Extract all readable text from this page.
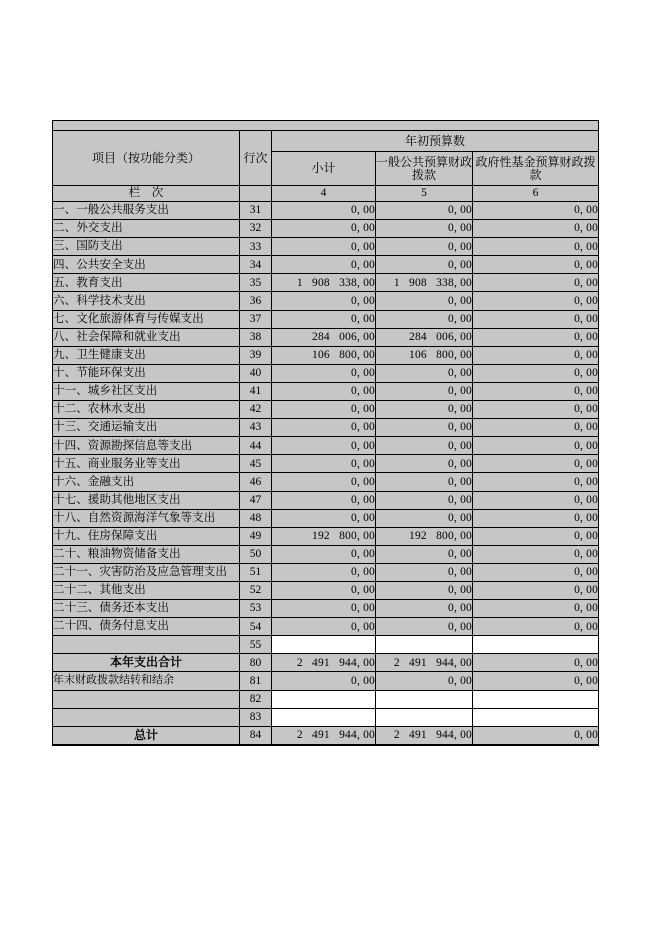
项目（按功能分类）	行次	年初预算数		
		小计	一般公共预算财政拨款	政府性基金预算财政拨款
栏　次		4	5	6
一、一般公共服务支出	31	0, 00	0, 00	0, 00
二、外交支出	32	0, 00	0, 00	0, 00
三、国防支出	33	0, 00	0, 00	0, 00
四、公共安全支出	34	0, 00	0, 00	0, 00
五、教育支出	35	1   908   338, 00	1   908   338, 00	0, 00
六、科学技术支出	36	0, 00	0, 00	0, 00
七、文化旅游体育与传媒支出	37	0, 00	0, 00	0, 00
八、社会保障和就业支出	38	284   006, 00	284   006, 00	0, 00
九、卫生健康支出	39	106   800, 00	106   800, 00	0, 00
十、节能环保支出	40	0, 00	0, 00	0, 00
十一、城乡社区支出	41	0, 00	0, 00	0, 00
十二、农林水支出	42	0, 00	0, 00	0, 00
十三、交通运输支出	43	0, 00	0, 00	0, 00
十四、资源勘探信息等支出	44	0, 00	0, 00	0, 00
十五、商业服务业等支出	45	0, 00	0, 00	0, 00
十六、金融支出	46	0, 00	0, 00	0, 00
十七、援助其他地区支出	47	0, 00	0, 00	0, 00
十八、自然资源海洋气象等支出	48	0, 00	0, 00	0, 00
十九、住房保障支出	49	192   800, 00	192   800, 00	0, 00
二十、粮油物资储备支出	50	0, 00	0, 00	0, 00
二十一、灾害防治及应急管理支出	51	0, 00	0, 00	0, 00
二十二、其他支出	52	0, 00	0, 00	0, 00
二十三、债务还本支出	53	0, 00	0, 00	0, 00
二十四、债务付息支出	54	0, 00	0, 00	0, 00
	55			
本年支出合计	80	2   491   944, 00	2   491   944, 00	0, 00
年末财政拨款结转和结余	81	0, 00	0, 00	0, 00
	82			
	83			
总计	84	2   491   944, 00	2   491   944, 00	0, 00
